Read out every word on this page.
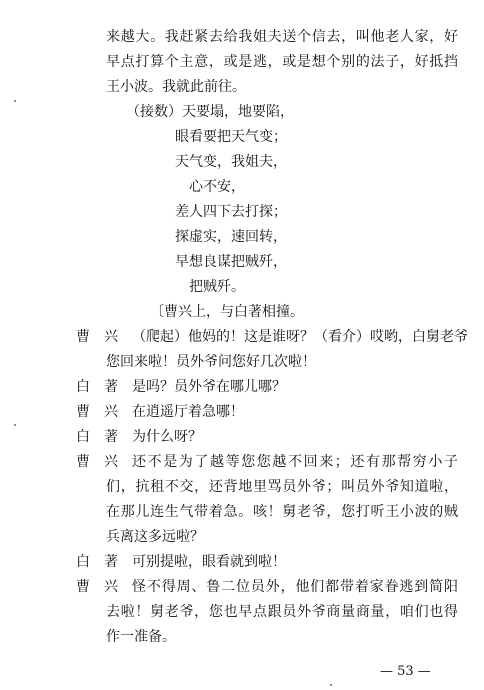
来越大。我赶紧去给我姐夫送个信去，叫他老人家，好
早点打算个主意，或是逃，或是想个别的法子，好抵挡
王小波。我就此前往。
（接数）天要塌，地要陷，
眼看要把天气变；
天气变，我姐夫，
心不安，
差人四下去打探；
探虚实，速回转，
早想良谋把贼歼，
把贼歼。
〔曹兴上，与白著相撞。
曹　兴 （爬起）他妈的！这是谁呀？（看介）哎哟，白舅老爷
您回来啦！员外爷问您好几次啦！
白　著 是吗？员外爷在哪儿哪？
曹　兴 在逍遥厅着急哪！
白　著 为什么呀？
曹　兴 还不是为了越等您您越不回来；还有那帮穷小子
们，抗租不交，还背地里骂员外爷；叫员外爷知道啦，
在那儿连生气带着急。咳！舅老爷，您打听王小波的贼
兵离这多远啦？
白　著 可别提啦，眼看就到啦！
曹　兴 怪不得周、鲁二位员外，他们都带着家眷逃到简阳
去啦！舅老爷，您也早点跟员外爷商量商量，咱们也得
作一准备。
— 53 —
